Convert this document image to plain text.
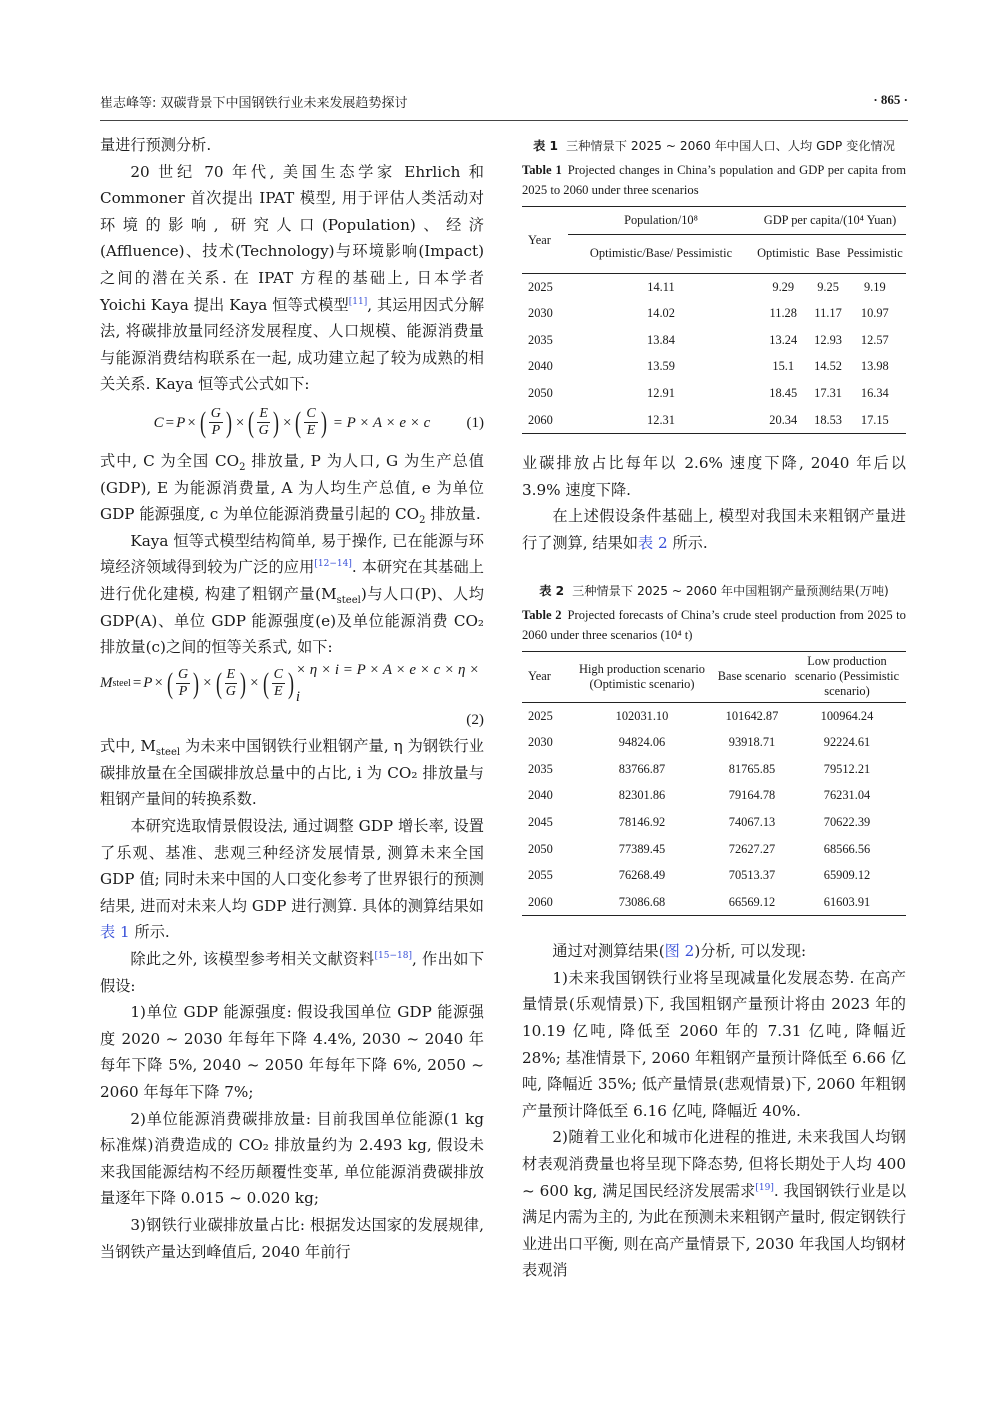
崔志峰等: 双碳背景下中国钢铁行业未来发展趋势探讨	· 865 ·

量进行预测分析.

20 世纪 70 年代, 美国生态学家 Ehrlich 和 Commoner 首次提出 IPAT 模型, 用于评估人类活动对环境的影响, 研究人口(Population)、经济(Affluence)、技术(Technology)与环境影响(Impact)之间的潜在关系. 在 IPAT 方程的基础上, 日本学者 Yoichi Kaya 提出 Kaya 恒等式模型[11], 其运用因式分解法, 将碳排放量同经济发展程度、人口规模、能源消费量与能源消费结构联系在一起, 成功建立起了较为成熟的相关关系. Kaya 恒等式公式如下:

C = P × ( $\frac{G}{P}$ ) × ( $\frac{E}{G}$ ) × ( $\frac{C}{E}$ ) = P × A × e × c (1)

式中, C 为全国 $CO_2$ 排放量, P 为人口, G 为生产总值(GDP), E 为能源消费量, A 为人均生产总值, e 为单位 GDP 能源强度, c 为单位能源消费量引起的 $CO_2$ 排放量.

Kaya 恒等式模型结构简单, 易于操作, 已在能源与环境经济领域得到较为广泛的应用[12−14]. 本研究在其基础上进行优化建模, 构建了粗钢产量$(M_{steel})$与人口(P)、人均 GDP(A)、单位 GDP 能源强度(e)及单位能源消费 CO₂ 排放量(c)之间的恒等关系式, 如下:

M steel = P × ( $\frac{G}{P}$ ) × ( $\frac{E}{G}$ ) × ( $\frac{C}{E}$ ) × η × i = P × A × e × c × η × i
(2)

式中, $M_{steel}$ 为未来中国钢铁行业粗钢产量, η 为钢铁行业碳排放量在全国碳排放总量中的占比, i 为 CO₂ 排放量与粗钢产量间的转换系数.

本研究选取情景假设法, 通过调整 GDP 增长率, 设置了乐观、基准、悲观三种经济发展情景, 测算未来全国 GDP 值; 同时未来中国的人口变化参考了世界银行的预测结果, 进而对未来人均 GDP 进行测算. 具体的测算结果如表 1 所示.

除此之外, 该模型参考相关文献资料[15−18], 作出如下假设:

1)单位 GDP 能源强度: 假设我国单位 GDP 能源强度 2020 ~ 2030 年每年下降 4.4%, 2030 ~ 2040 年每年下降 5%, 2040 ~ 2050 年每年下降 6%, 2050 ~ 2060 年每年下降 7%;

2)单位能源消费碳排放量: 目前我国单位能源(1 kg 标准煤)消费造成的 CO₂ 排放量约为 2.493 kg, 假设未来我国能源结构不经历颠覆性变革, 单位能源消费碳排放量逐年下降 0.015 ~ 0.020 kg;

3)钢铁行业碳排放量占比: 根据发达国家的发展规律, 当钢铁产量达到峰值后, 2040 年前行

表 1 三种情景下 2025 ~ 2060 年中国人口、人均 GDP 变化情况
Table 1 Projected changes in China’s population and GDP per capita from 2025 to 2060 under three scenarios
Year	Population/10⁸	GDP per capita/(10⁴ Yuan)		
	Optimistic/Base/ Pessimistic	Optimistic	Base	Pessimistic
2025	14.11	9.29	9.25	9.19
2030	14.02	11.28	11.17	10.97
2035	13.84	13.24	12.93	12.57
2040	13.59	15.1	14.52	13.98
2050	12.91	18.45	17.31	16.34
2060	12.31	20.34	18.53	17.15

业碳排放占比每年以 2.6% 速度下降, 2040 年后以 3.9% 速度下降.

在上述假设条件基础上, 模型对我国未来粗钢产量进行了测算, 结果如表 2 所示.

表 2 三种情景下 2025 ~ 2060 年中国粗钢产量预测结果(万吨)
Table 2 Projected forecasts of China’s crude steel production from 2025 to 2060 under three scenarios (10⁴ t)
Year	High production scenario (Optimistic scenario)	Base scenario	Low production scenario (Pessimistic scenario)
2025	102031.10	101642.87	100964.24
2030	94824.06	93918.71	92224.61
2035	83766.87	81765.85	79512.21
2040	82301.86	79164.78	76231.04
2045	78146.92	74067.13	70622.39
2050	77389.45	72627.27	68566.56
2055	76268.49	70513.37	65909.12
2060	73086.68	66569.12	61603.91

通过对测算结果(图 2)分析, 可以发现:

1)未来我国钢铁行业将呈现减量化发展态势. 在高产量情景(乐观情景)下, 我国粗钢产量预计将由 2023 年的 10.19 亿吨, 降低至 2060 年的 7.31 亿吨, 降幅近 28%; 基准情景下, 2060 年粗钢产量预计降低至 6.66 亿吨, 降幅近 35%; 低产量情景(悲观情景)下, 2060 年粗钢产量预计降低至 6.16 亿吨, 降幅近 40%.

2)随着工业化和城市化进程的推进, 未来我国人均钢材表观消费量也将呈现下降态势, 但将长期处于人均 400 ~ 600 kg, 满足国民经济发展需求[19]. 我国钢铁行业是以满足内需为主的, 为此在预测未来粗钢产量时, 假定钢铁行业进出口平衡, 则在高产量情景下, 2030 年我国人均钢材表观消
